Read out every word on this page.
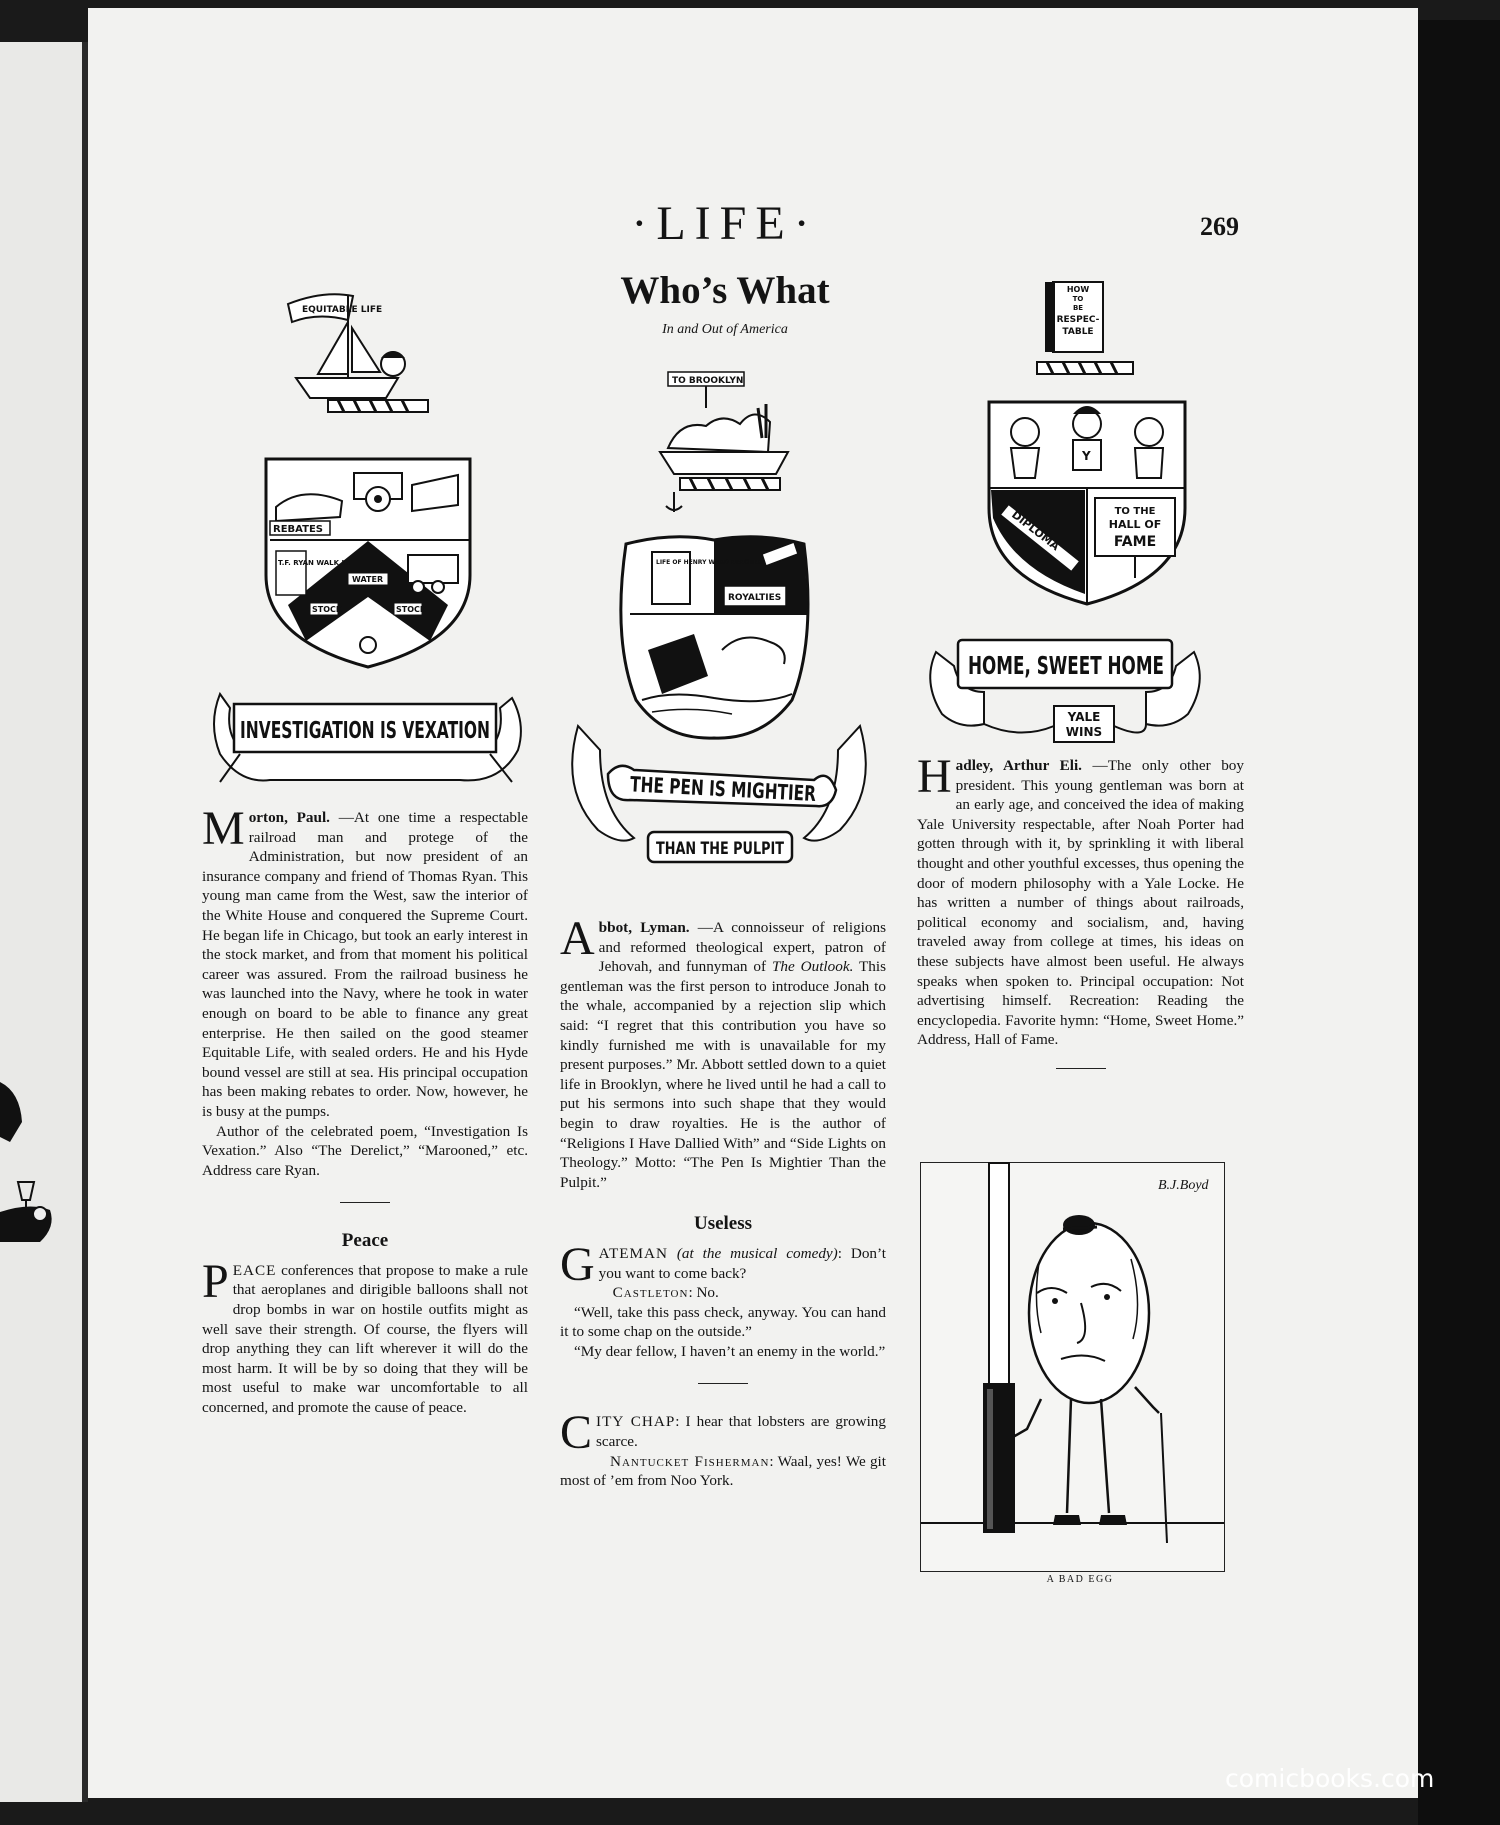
·LIFE·	269
Who’s What
In and Out of America
EQUITABLE LIFE
REBATES
T.F. RYAN WALK IN
WATER
STOCK	STOCK
INVESTIGATION IS VEXATION
TO BROOKLYN
LIFE OF HENRY WARD BEECHER
ROYALTIES
THE PEN IS MIGHTIER
THAN THE PULPIT
HOW
TO
BE
RESPEC-
TABLE
Y
DIPLOMA	TO THE
HALL OF
FAME
HOME, SWEET HOME
YALE
WINS

Morton, Paul. —At one time a respectable railroad man and protege of the Administration, but now president of an insurance company and friend of Thomas Ryan. This young man came from the West, saw the interior of the White House and conquered the Supreme Court. He began life in Chicago, but took an early interest in the stock market, and from that moment his political career was assured. From the railroad business he was launched into the Navy, where he took in water enough on board to be able to finance any great enterprise. He then sailed on the good steamer Equitable Life, with sealed orders. He and his Hyde bound vessel are still at sea. His principal occupation has been making rebates to order. Now, however, he is busy at the pumps.

Author of the celebrated poem, “Investigation Is Vexation.” Also “The Derelict,” “Marooned,” etc. Address care Ryan.

Peace

PEACE conferences that propose to make a rule that aeroplanes and dirigible balloons shall not drop bombs in war on hostile outfits might as well save their strength. Of course, the flyers will drop anything they can lift wherever it will do the most harm. It will be by so doing that they will be most useful to make war uncomfortable to all concerned, and promote the cause of peace.

Abbot, Lyman. —A connoisseur of religions and reformed theological expert, patron of Jehovah, and funnyman of The Outlook. This gentleman was the first person to introduce Jonah to the whale, accompanied by a rejection slip which said: “I regret that this contribution you have so kindly furnished me with is unavailable for my present purposes.” Mr. Abbott settled down to a quiet life in Brooklyn, where he lived until he had a call to put his sermons into such shape that they would begin to draw royalties. He is the author of “Religions I Have Dallied With” and “Side Lights on Theology.” Motto: “The Pen Is Mightier Than the Pulpit.”

Useless

GATEMAN (at the musical comedy): Don’t you want to come back?

Castleton: No.

“Well, take this pass check, anyway. You can hand it to some chap on the outside.”

“My dear fellow, I haven’t an enemy in the world.”

CITY CHAP: I hear that lobsters are growing scarce.

Nantucket Fisherman: Waal, yes! We git most of ’em from Noo York.

Hadley, Arthur Eli. —The only other boy president. This young gentleman was born at an early age, and conceived the idea of making Yale University respectable, after Noah Porter had gotten through with it, by sprinkling it with liberal thought and other youthful excesses, thus opening the door of modern philosophy with a Yale Locke. He has written a number of things about railroads, political economy and socialism, and, having traveled away from college at times, his ideas on these subjects have almost been useful. He always speaks when spoken to. Principal occupation: Not advertising himself. Recreation: Reading the encyclopedia. Favorite hymn: “Home, Sweet Home.” Address, Hall of Fame.

B.J.Boyd
A BAD EGG
comicbooks.com
